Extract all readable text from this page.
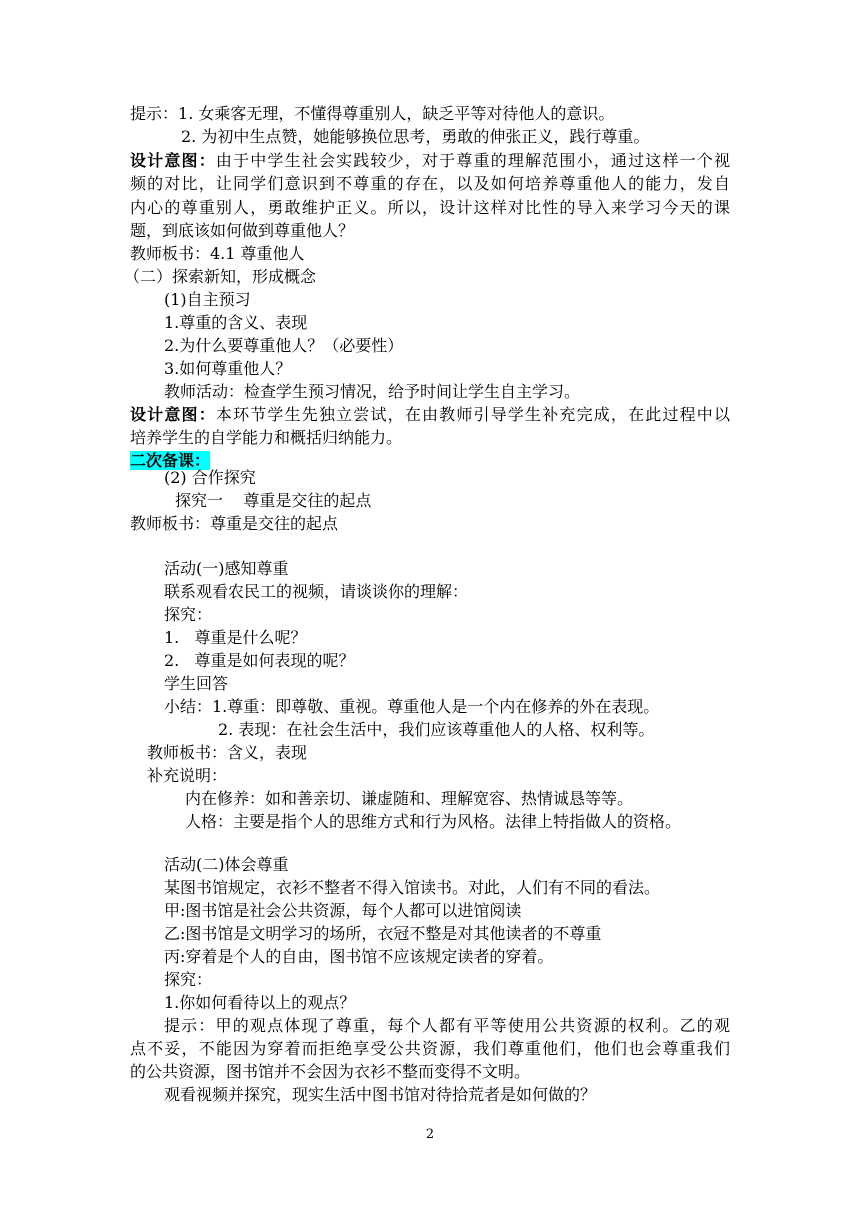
提示：1. 女乘客无理，不懂得尊重别人，缺乏平等对待他人的意识。
2. 为初中生点赞，她能够换位思考，勇敢的伸张正义，践行尊重。
设计意图：由于中学生社会实践较少，对于尊重的理解范围小，通过这样一个视
频的对比，让同学们意识到不尊重的存在，以及如何培养尊重他人的能力，发自
内心的尊重别人，勇敢维护正义。所以，设计这样对比性的导入来学习今天的课
题，到底该如何做到尊重他人？
教师板书：4.1 尊重他人
（二）探索新知，形成概念
(1)自主预习
1.尊重的含义、表现
2.为什么要尊重他人？（必要性）
3.如何尊重他人？
教师活动：检查学生预习情况，给予时间让学生自主学习。
设计意图：本环节学生先独立尝试，在由教师引导学生补充完成，在此过程中以
培养学生的自学能力和概括归纳能力。
二次备课：
(2) 合作探究
探究一    尊重是交往的起点
教师板书：尊重是交往的起点
活动(一)感知尊重
联系观看农民工的视频，请谈谈你的理解：
探究：
1.   尊重是什么呢？
2.   尊重是如何表现的呢？
学生回答
小结：1.尊重：即尊敬、重视。尊重他人是一个内在修养的外在表现。
2. 表现：在社会生活中，我们应该尊重他人的人格、权利等。
教师板书：含义，表现
补充说明：
内在修养：如和善亲切、谦虚随和、理解宽容、热情诚恳等等。
人格：主要是指个人的思维方式和行为风格。法律上特指做人的资格。
活动(二)体会尊重
某图书馆规定，衣衫不整者不得入馆读书。对此，人们有不同的看法。
甲:图书馆是社会公共资源，每个人都可以进馆阅读
乙:图书馆是文明学习的场所，衣冠不整是对其他读者的不尊重
丙:穿着是个人的自由，图书馆不应该规定读者的穿着。
探究：
1.你如何看待以上的观点？
提示：甲的观点体现了尊重，每个人都有平等使用公共资源的权利。乙的观
点不妥，不能因为穿着而拒绝享受公共资源，我们尊重他们，他们也会尊重我们
的公共资源，图书馆并不会因为衣衫不整而变得不文明。
观看视频并探究，现实生活中图书馆对待拾荒者是如何做的？
2
